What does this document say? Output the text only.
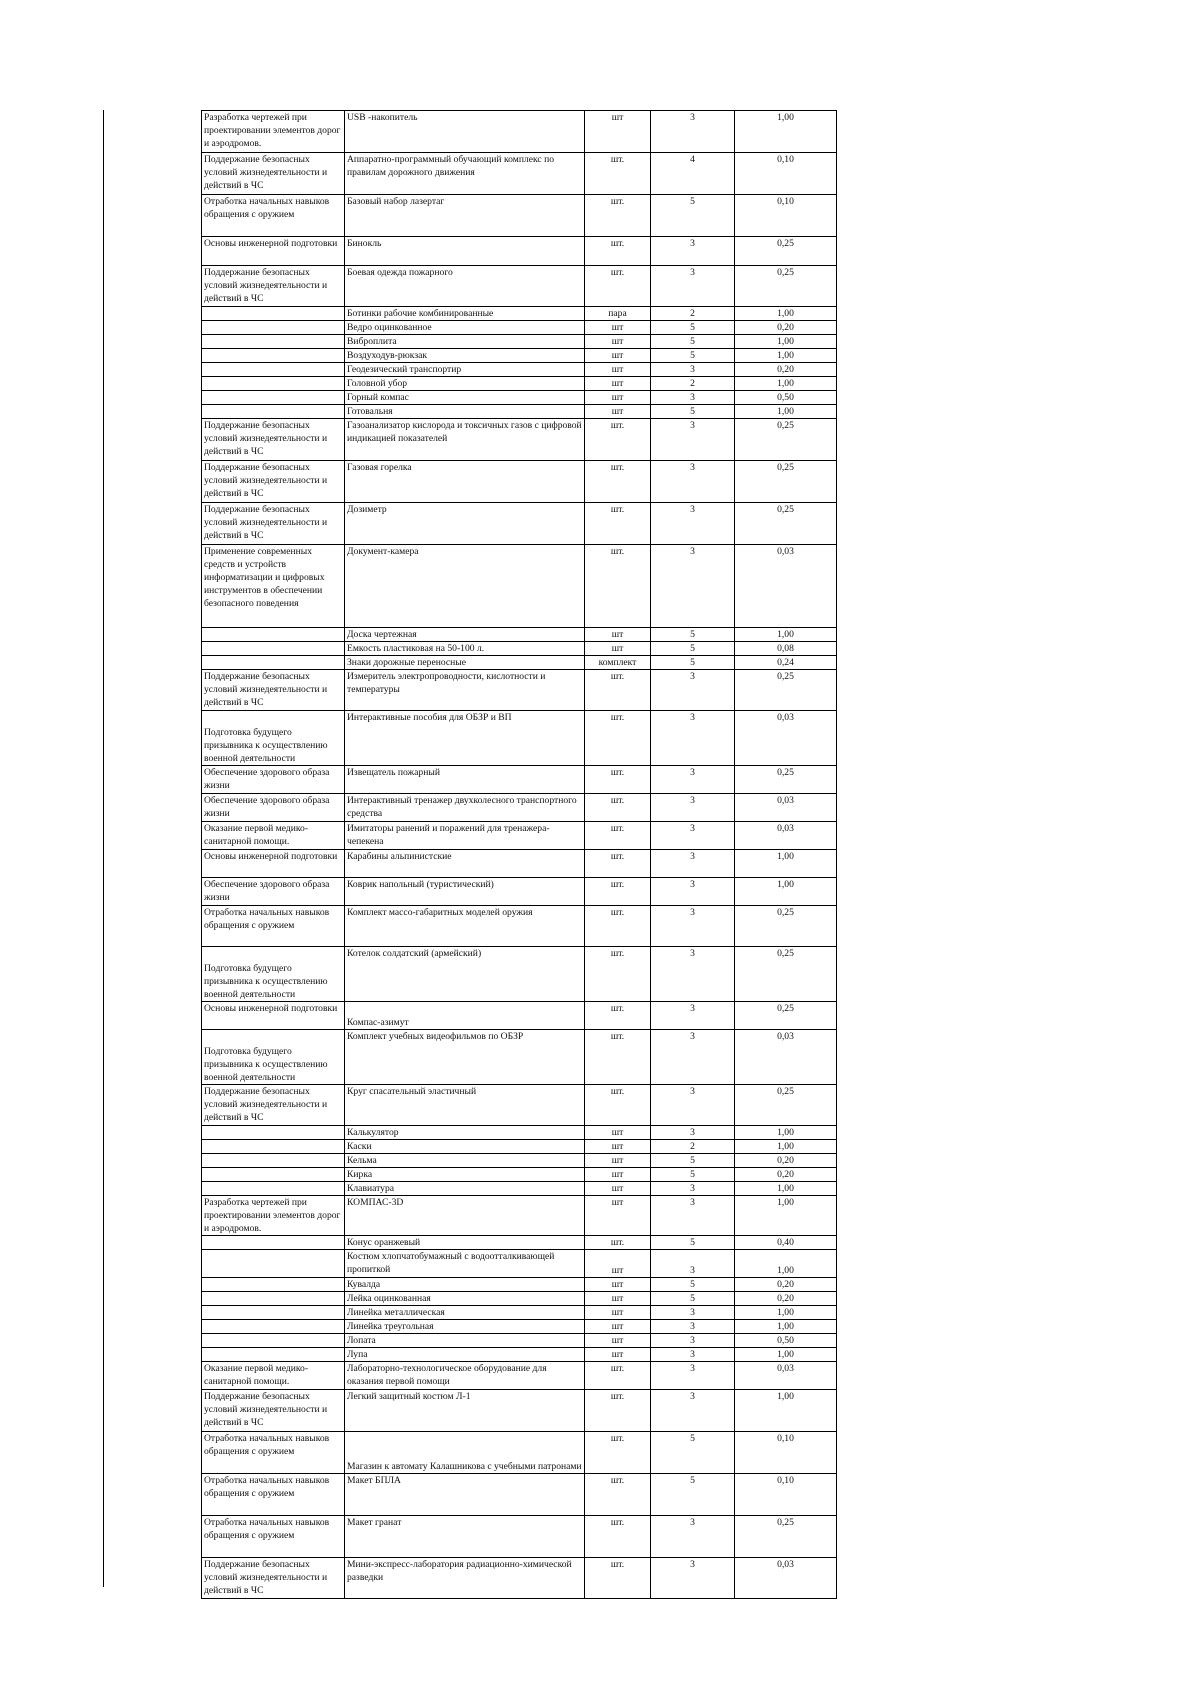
Разработка чертежей при проектировании элементов дорог и аэродромов.	USB -накопитель	шт	3	1,00
Поддержание безопасных условий жизнедеятельности и действий в ЧС	Аппаратно-программный обучающий комплекс по правилам дорожного движения	шт.	4	0,10
Отработка начальных навыков обращения с оружием	Базовый набор лазертаг	шт.	5	0,10
Основы инженерной подготовки	Бинокль	шт.	3	0,25
Поддержание безопасных условий жизнедеятельности и действий в ЧС	Боевая одежда пожарного	шт.	3	0,25
	Ботинки рабочие комбинированные	пара	2	1,00
	Ведро оцинкованное	шт	5	0,20
	Виброплита	шт	5	1,00
	Воздуходув-рюкзак	шт	5	1,00
	Геодезический транспортир	шт	3	0,20
	Головной убор	шт	2	1,00
	Горный компас	шт	3	0,50
	Готовальня	шт	5	1,00
Поддержание безопасных условий жизнедеятельности и действий в ЧС	Газоанализатор кислорода и токсичных газов с цифровой индикацией показателей	шт.	3	0,25
Поддержание безопасных условий жизнедеятельности и действий в ЧС	Газовая горелка	шт.	3	0,25
Поддержание безопасных условий жизнедеятельности и действий в ЧС	Дозиметр	шт.	3	0,25
Применение современных средств и устройств информатизации и цифровых инструментов в обеспечении безопасного поведения	Документ-камера	шт.	3	0,03
	Доска чертежная	шт	5	1,00
	Емкость пластиковая на 50-100 л.	шт	5	0,08
	Знаки дорожные переносные	комплект	5	0,24
Поддержание безопасных условий жизнедеятельности и действий в ЧС	Измеритель электропроводности, кислотности и температуры	шт.	3	0,25
Подготовка будущего призывника к осуществлению военной деятельности	Интерактивные пособия для ОБЗР и ВП	шт.	3	0,03
Обеспечение здорового образа жизни	Извещатель пожарный	шт.	3	0,25
Обеспечение здорового образа жизни	Интерактивный тренажер двухколесного транспортного средства	шт.	3	0,03
Оказание первой медико-санитарной помощи.	Имитаторы ранений и поражений для тренажера-чепекена	шт.	3	0,03
Основы инженерной подготовки	Карабины альпинистские	шт.	3	1,00
Обеспечение здорового образа жизни	Коврик напольный (туристический)	шт.	3	1,00
Отработка начальных навыков обращения с оружием	Комплект массо-габаритных моделей оружия	шт.	3	0,25
Подготовка будущего призывника к осуществлению военной деятельности	Котелок солдатский (армейский)	шт.	3	0,25
Основы инженерной подготовки	Компас-азимут	шт.	3	0,25
Подготовка будущего призывника к осуществлению военной деятельности	Комплект учебных видеофильмов по ОБЗР	шт.	3	0,03
Поддержание безопасных условий жизнедеятельности и действий в ЧС	Круг спасательный эластичный	шт.	3	0,25
	Калькулятор	шт	3	1,00
	Каски	шт	2	1,00
	Кельма	шт	5	0,20
	Кирка	шт	5	0,20
	Клавиатура	шт	3	1,00
Разработка чертежей при проектировании элементов дорог и аэродромов.	КОМПАС-3D	шт	3	1,00
	Конус оранжевый	шт.	5	0,40
	Костюм хлопчатобумажный с водоотталкивающей пропиткой	шт	3	1,00
	Кувалда	шт	5	0,20
	Лейка оцинкованная	шт	5	0,20
	Линейка металлическая	шт	3	1,00
	Линейка треугольная	шт	3	1,00
	Лопата	шт	3	0,50
	Лупа	шт	3	1,00
Оказание первой медико-санитарной помощи.	Лабораторно-технологическое оборудование для оказания первой помощи	шт.	3	0,03
Поддержание безопасных условий жизнедеятельности и действий в ЧС	Легкий защитный костюм Л-1	шт.	3	1,00
Отработка начальных навыков обращения с оружием	Магазин к автомату Калашникова с учебными патронами	шт.	5	0,10
Отработка начальных навыков обращения с оружием	Макет БПЛА	шт.	5	0,10
Отработка начальных навыков обращения с оружием	Макет гранат	шт.	3	0,25
Поддержание безопасных условий жизнедеятельности и действий в ЧС	Мини-экспресс-лаборатория радиационно-химической разведки	шт.	3	0,03
